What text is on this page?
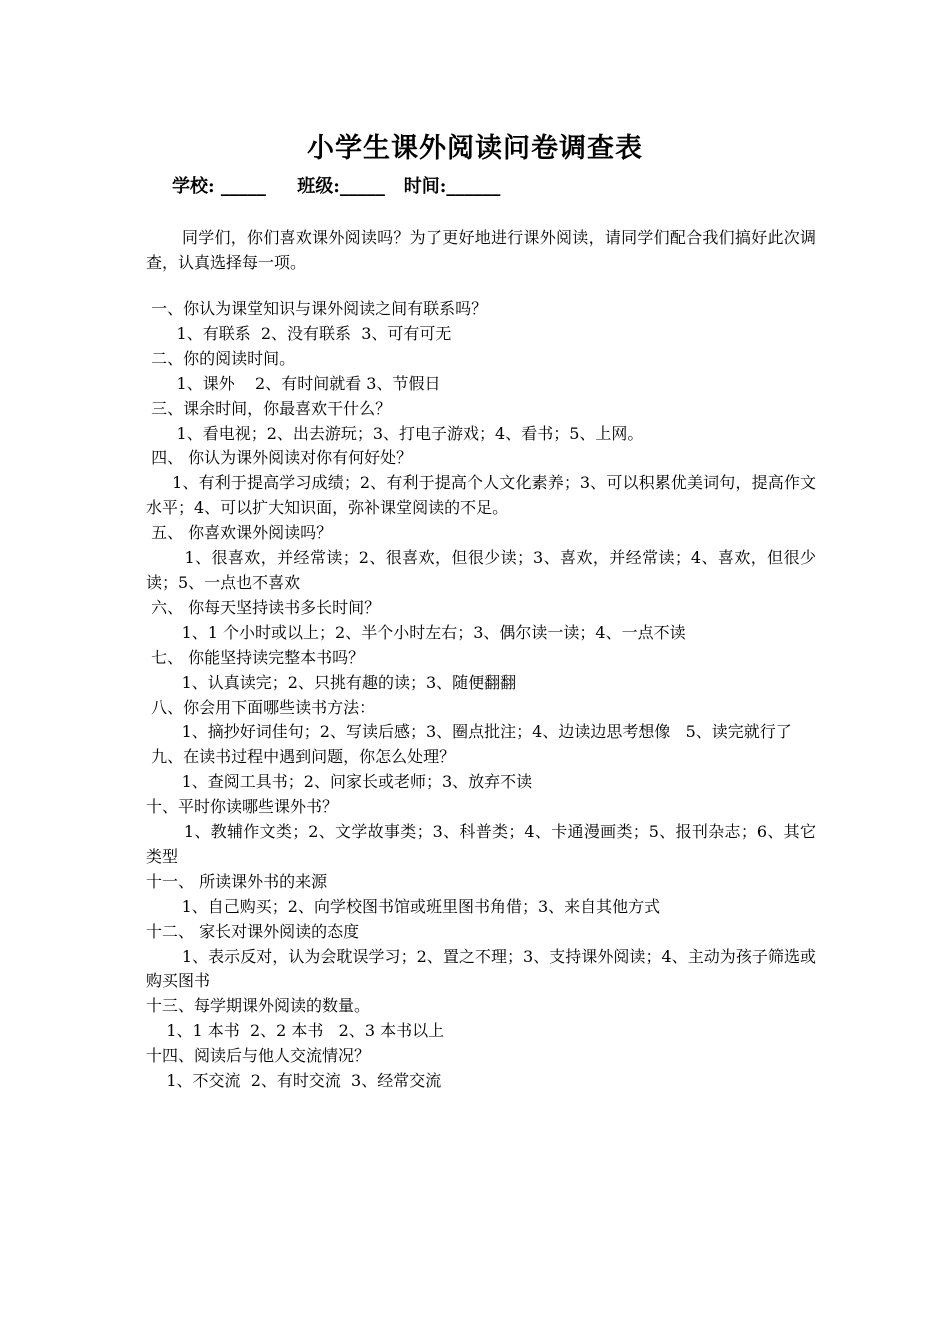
小学生课外阅读问卷调查表
学校: _____ 班级:_____ 时间:______
同学们，你们喜欢课外阅读吗？为了更好地进行课外阅读，请同学们配合我们搞好此次调查，认真选择每一项。

一、你认为课堂知识与课外阅读之间有联系吗？

1、有联系  2、没有联系  3、可有可无

二、你的阅读时间。

1、课外    2、有时间就看 3、节假日

三、课余时间，你最喜欢干什么？

1、看电视；2、出去游玩；3、打电子游戏；4、看书；5、上网。

四、 你认为课外阅读对你有何好处？

1、有利于提高学习成绩；2、有利于提高个人文化素养；3、可以积累优美词句，提高作文水平；4、可以扩大知识面，弥补课堂阅读的不足。

五、 你喜欢课外阅读吗？

1、很喜欢，并经常读；2、很喜欢，但很少读；3、喜欢，并经常读；4、喜欢，但很少读；5、一点也不喜欢

六、 你每天坚持读书多长时间？

1、1 个小时或以上；2、半个小时左右；3、偶尔读一读；4、一点不读

七、 你能坚持读完整本书吗？

1、认真读完；2、只挑有趣的读；3、随便翻翻

八、你会用下面哪些读书方法：

1、摘抄好词佳句；2、写读后感；3、圈点批注；4、边读边思考想像   5、读完就行了

九、在读书过程中遇到问题，你怎么处理？

1、查阅工具书；2、问家长或老师；3、放弃不读

十、平时你读哪些课外书？

1、教辅作文类；2、文学故事类；3、科普类；4、卡通漫画类；5、报刊杂志；6、其它类型

十一、 所读课外书的来源

1、自己购买；2、向学校图书馆或班里图书角借；3、来自其他方式

十二、 家长对课外阅读的态度

1、表示反对，认为会耽误学习；2、置之不理；3、支持课外阅读；4、主动为孩子筛选或购买图书

十三、每学期课外阅读的数量。

1、1 本书  2、2 本书   2、3 本书以上

十四、阅读后与他人交流情况？

1、不交流  2、有时交流  3、经常交流
